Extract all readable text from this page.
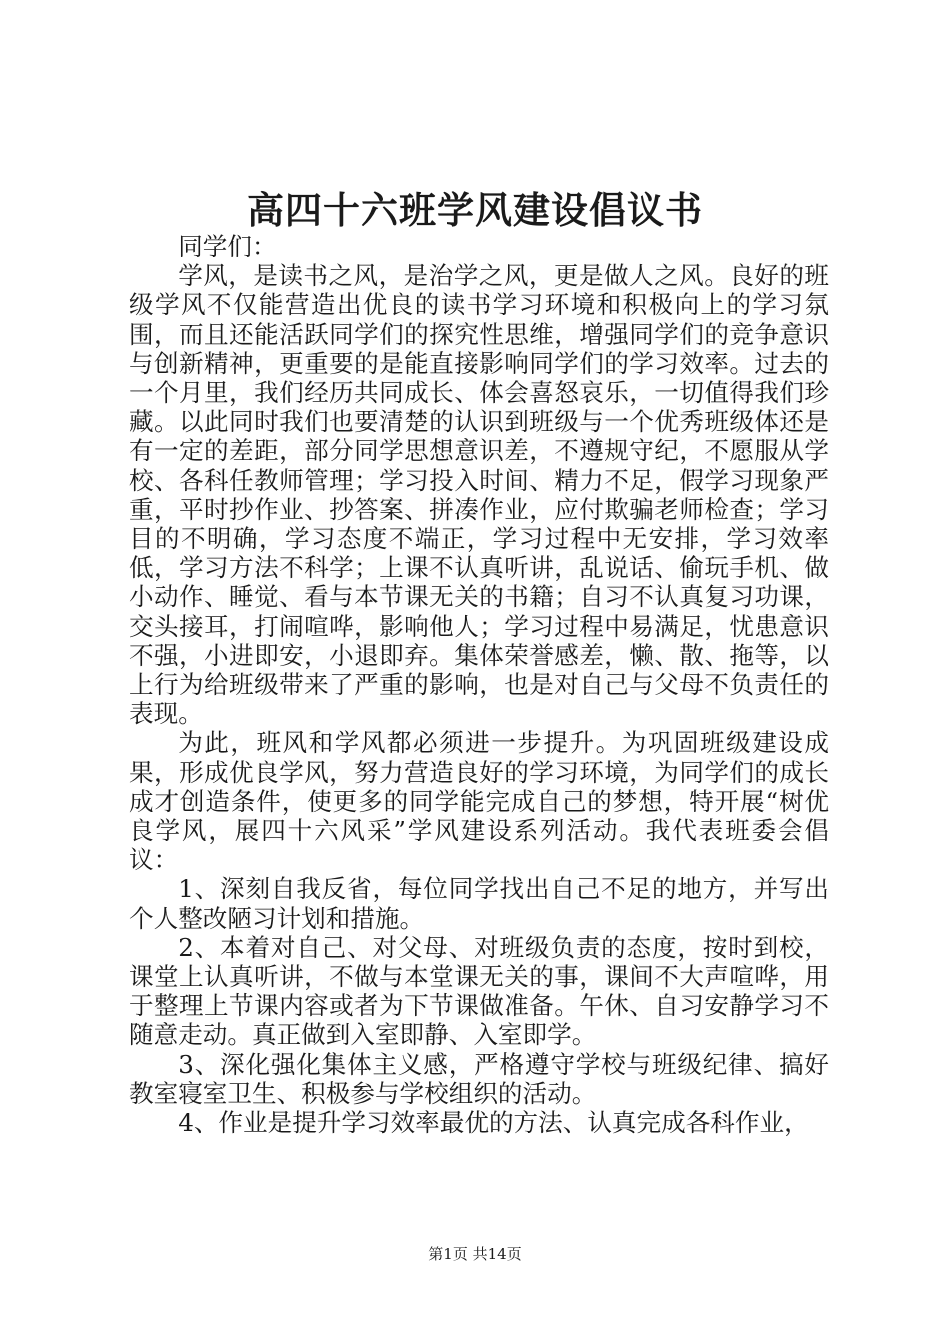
高四十六班学风建设倡议书

同学们：

学风，是读书之风，是治学之风，更是做人之风。良好的班级学风不仅能营造出优良的读书学习环境和积极向上的学习氛围，而且还能活跃同学们的探究性思维，增强同学们的竞争意识与创新精神，更重要的是能直接影响同学们的学习效率。过去的一个月里，我们经历共同成长、体会喜怒哀乐，一切值得我们珍藏。以此同时我们也要清楚的认识到班级与一个优秀班级体还是有一定的差距，部分同学思想意识差，不遵规守纪，不愿服从学校、各科任教师管理；学习投入时间、精力不足，假学习现象严重，平时抄作业、抄答案、拼凑作业，应付欺骗老师检查；学习目的不明确，学习态度不端正，学习过程中无安排，学习效率低，学习方法不科学；上课不认真听讲，乱说话、偷玩手机、做小动作、睡觉、看与本节课无关的书籍；自习不认真复习功课，交头接耳，打闹喧哗，影响他人；学习过程中易满足，忧患意识不强，小进即安，小退即弃。集体荣誉感差，懒、散、拖等，以上行为给班级带来了严重的影响，也是对自己与父母不负责任的表现。

为此，班风和学风都必须进一步提升。为巩固班级建设成果，形成优良学风，努力营造良好的学习环境，为同学们的成长成才创造条件，使更多的同学能完成自己的梦想，特开展“树优良学风，展四十六风采”学风建设系列活动。我代表班委会倡议：

1、深刻自我反省，每位同学找出自己不足的地方，并写出个人整改陋习计划和措施。

2、本着对自己、对父母、对班级负责的态度，按时到校，课堂上认真听讲，不做与本堂课无关的事，课间不大声喧哗，用于整理上节课内容或者为下节课做准备。午休、自习安静学习不随意走动。真正做到入室即静、入室即学。

3、深化强化集体主义感，严格遵守学校与班级纪律、搞好教室寝室卫生、积极参与学校组织的活动。

4、作业是提升学习效率最优的方法、认真完成各科作业，

第1页 共14页
